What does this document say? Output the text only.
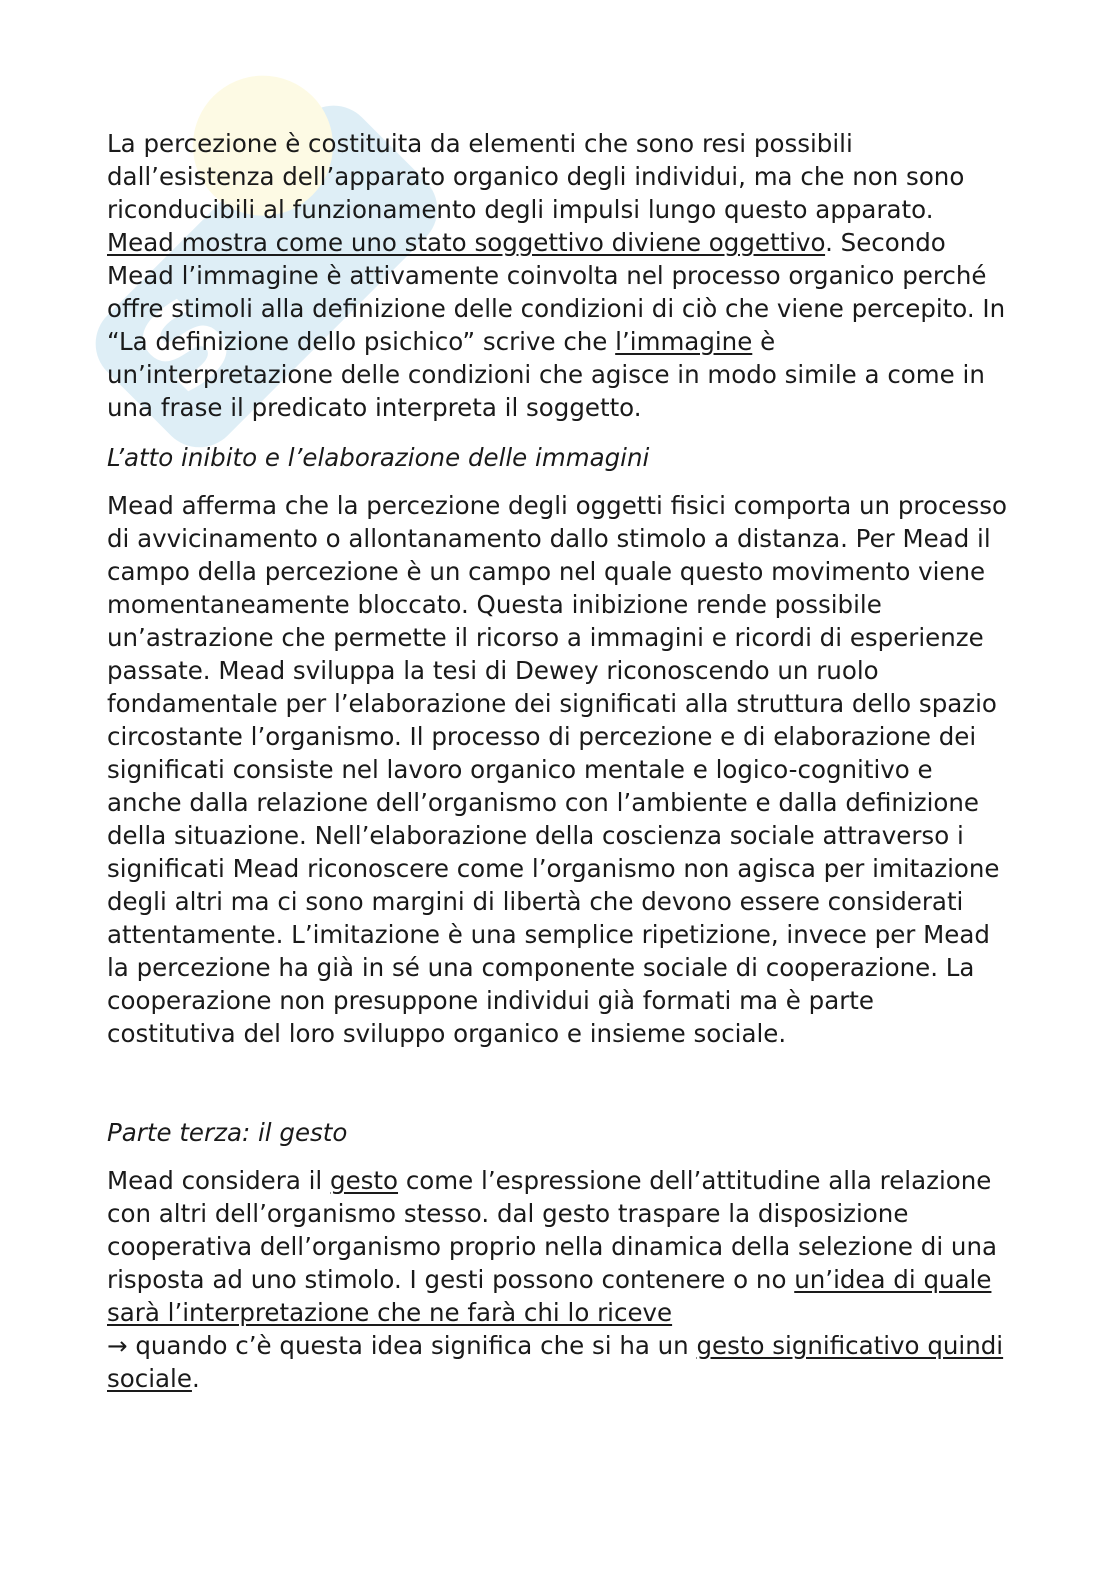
S

La percezione è costituita da elementi che sono resi possibili dall’esistenza dell’apparato organico degli individui, ma che non sono riconducibili al funzionamento degli impulsi lungo questo apparato. Mead mostra come uno stato soggettivo diviene oggettivo. Secondo Mead l’immagine è attivamente coinvolta nel processo organico perché offre stimoli alla definizione delle condizioni di ciò che viene percepito. In “La definizione dello psichico” scrive che l’immagine è un’interpretazione delle condizioni che agisce in modo simile a come in una frase il predicato interpreta il soggetto.

L’atto inibito e l’elaborazione delle immagini

Mead afferma che la percezione degli oggetti fisici comporta un processo di avvicinamento o allontanamento dallo stimolo a distanza. Per Mead il campo della percezione è un campo nel quale questo movimento viene momentaneamente bloccato. Questa inibizione rende possibile un’astrazione che permette il ricorso a immagini e ricordi di esperienze passate. Mead sviluppa la tesi di Dewey riconoscendo un ruolo fondamentale per l’elaborazione dei significati alla struttura dello spazio circostante l’organismo. Il processo di percezione e di elaborazione dei significati consiste nel lavoro organico mentale e logico-cognitivo e anche dalla relazione dell’organismo con l’ambiente e dalla definizione della situazione. Nell’elaborazione della coscienza sociale attraverso i significati Mead riconoscere come l’organismo non agisca per imitazione degli altri ma ci sono margini di libertà che devono essere considerati attentamente. L’imitazione è una semplice ripetizione, invece per Mead la percezione ha già in sé una componente sociale di cooperazione. La cooperazione non presuppone individui già formati ma è parte costitutiva del loro sviluppo organico e insieme sociale.

Parte terza: il gesto

Mead considera il gesto come l’espressione dell’attitudine alla relazione con altri dell’organismo stesso. dal gesto traspare la disposizione cooperativa dell’organismo proprio nella dinamica della selezione di una risposta ad uno stimolo. I gesti possono contenere o no un’idea di quale sarà l’interpretazione che ne farà chi lo riceve
→ quando c’è questa idea significa che si ha un gesto significativo quindi sociale.
